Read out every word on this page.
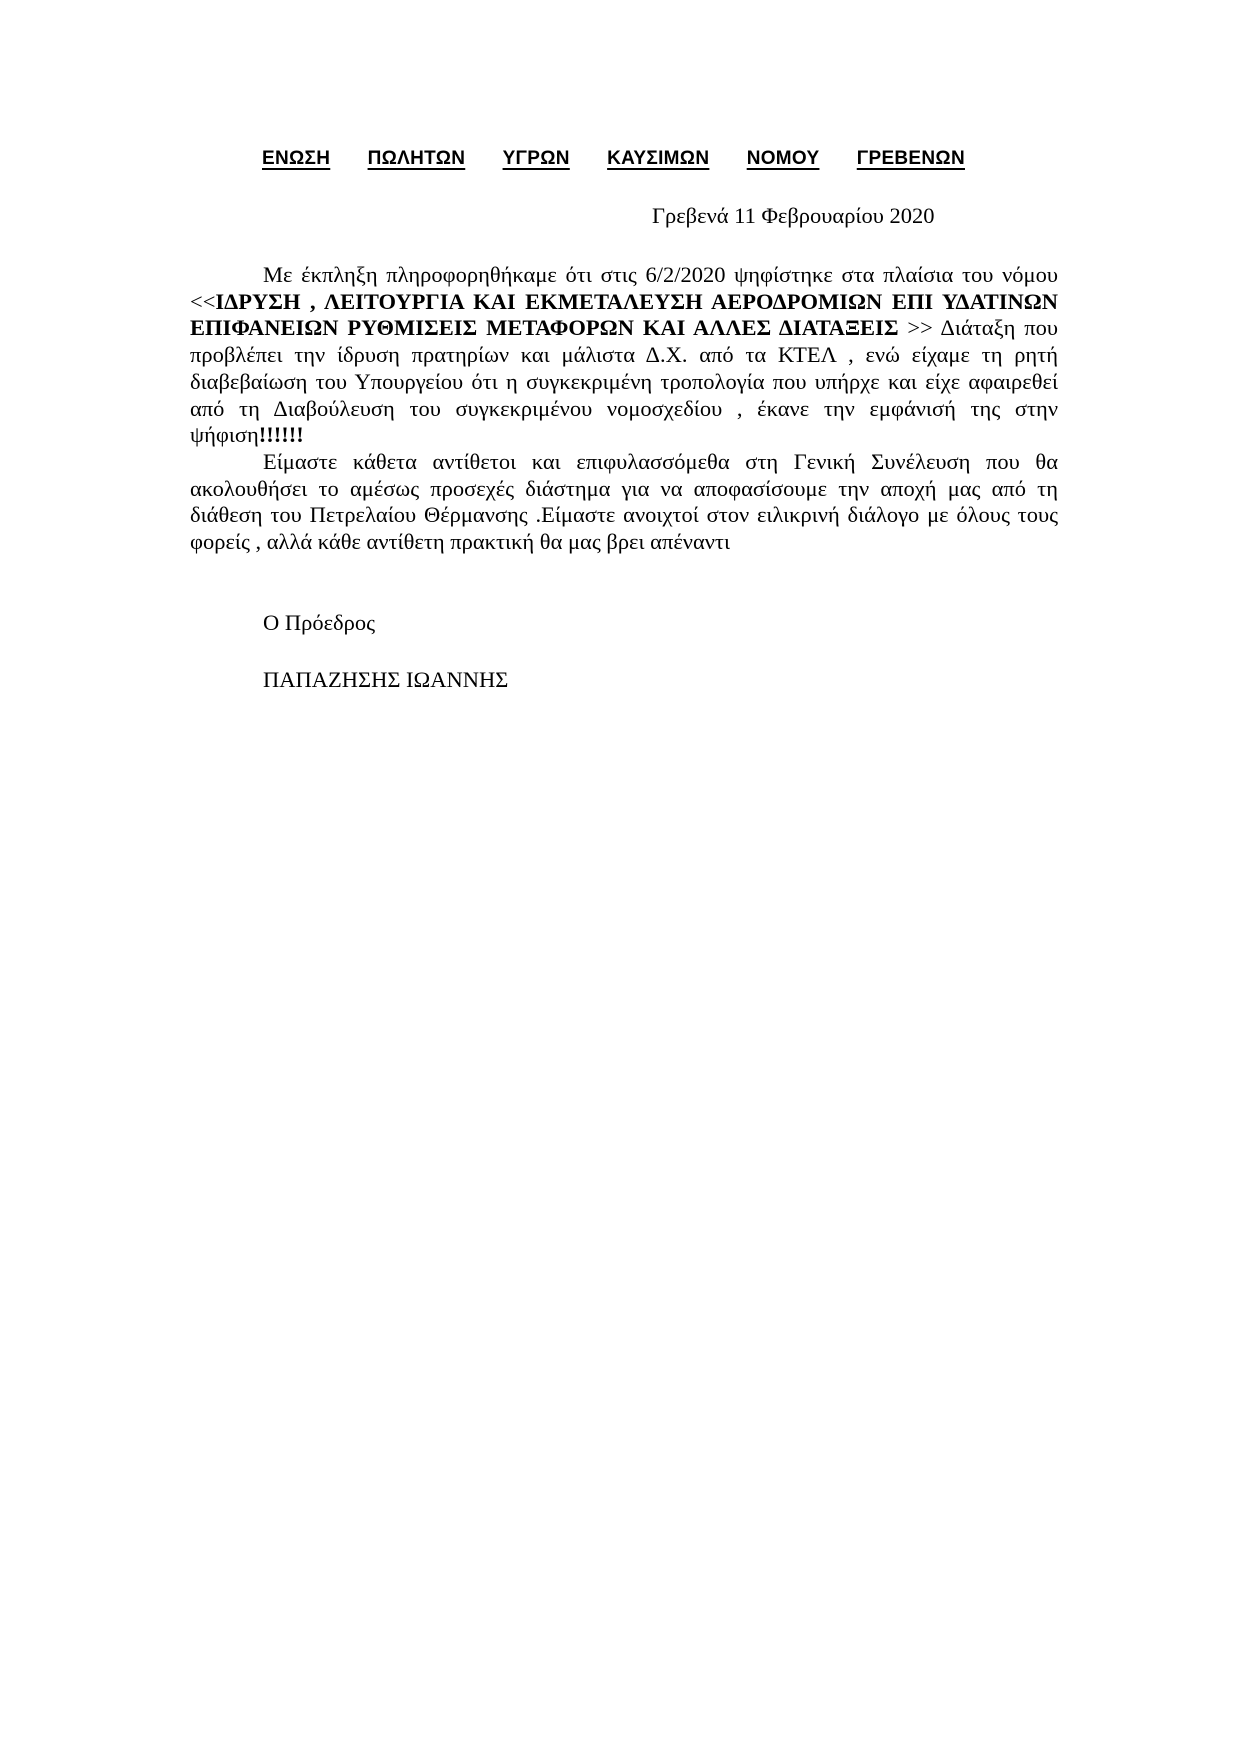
ΕΝΩΣΗ ΠΩΛΗΤΩΝ ΥΓΡΩΝ ΚΑΥΣΙΜΩΝ ΝΟΜΟΥ ΓΡΕΒΕΝΩΝ
Γρεβενά 11 Φεβρουαρίου 2020

Με έκπληξη πληροφορηθήκαμε ότι στις 6/2/2020 ψηφίστηκε στα πλαίσια του νόμου <<ΙΔΡΥΣΗ , ΛΕΙΤΟΥΡΓΙΑ ΚΑΙ ΕΚΜΕΤΑΛΕΥΣΗ ΑΕΡΟΔΡΟΜΙΩΝ ΕΠΙ ΥΔΑΤΙΝΩΝ ΕΠΙΦΑΝΕΙΩΝ ΡΥΘΜΙΣΕΙΣ ΜΕΤΑΦΟΡΩΝ ΚΑΙ ΑΛΛΕΣ ΔΙΑΤΑΞΕΙΣ >> Διάταξη που προβλέπει την ίδρυση πρατηρίων και μάλιστα Δ.Χ. από τα ΚΤΕΛ , ενώ είχαμε τη ρητή διαβεβαίωση του Υπουργείου ότι η συγκεκριμένη τροπολογία που υπήρχε και είχε αφαιρεθεί από τη Διαβούλευση του συγκεκριμένου νομοσχεδίου , έκανε την εμφάνισή της στην ψήφιση!!!!!!

Είμαστε κάθετα αντίθετοι και επιφυλασσόμεθα στη Γενική Συνέλευση που θα ακολουθήσει το αμέσως προσεχές διάστημα για να αποφασίσουμε την αποχή μας από τη διάθεση του Πετρελαίου Θέρμανσης .Είμαστε ανοιχτοί στον ειλικρινή διάλογο με όλους τους φορείς , αλλά κάθε αντίθετη πρακτική θα μας βρει απέναντι

Ο Πρόεδρος
ΠΑΠΑΖΗΣΗΣ ΙΩΑΝΝΗΣ
